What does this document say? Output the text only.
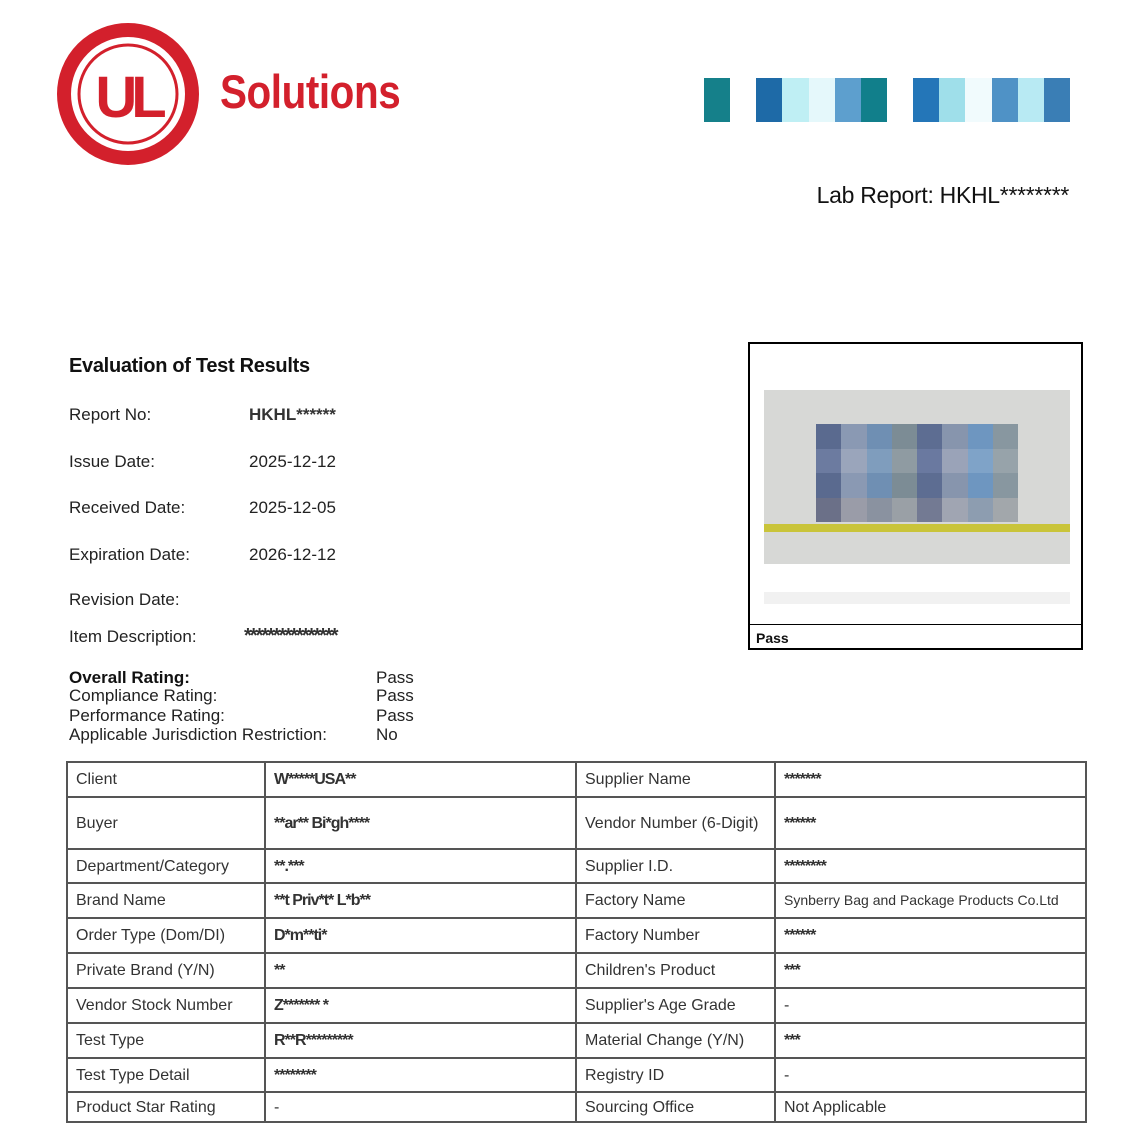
UL Solutions
Lab Report: HKHL********
Evaluation of Test Results
Report No:	HKHL******
Issue Date:	2025-12-12
Received Date:	2025-12-05
Expiration Date:	2026-12-12
Revision Date:
Item Description: ****************
Overall Rating:	Pass
Compliance Rating:	Pass
Performance Rating:	Pass
Applicable Jurisdiction Restriction:	No
Pass
Client	W*****USA**	Supplier Name	*******
Buyer	**ar** Bi*gh****	Vendor Number (6-Digit)	******
Department/Category	**.***	Supplier I.D.	********
Brand Name	**t Priv*t* L*b**	Factory Name	Synberry Bag and Package Products Co.Ltd
Order Type (Dom/DI)	D*m**ti*	Factory Number	******
Private Brand (Y/N)	**	Children's Product	***
Vendor Stock Number	Z******* *	Supplier's Age Grade	-
Test Type	R**R*********	Material Change (Y/N)	***
Test Type Detail	********	Registry ID	-
Product Star Rating	-	Sourcing Office	Not Applicable
